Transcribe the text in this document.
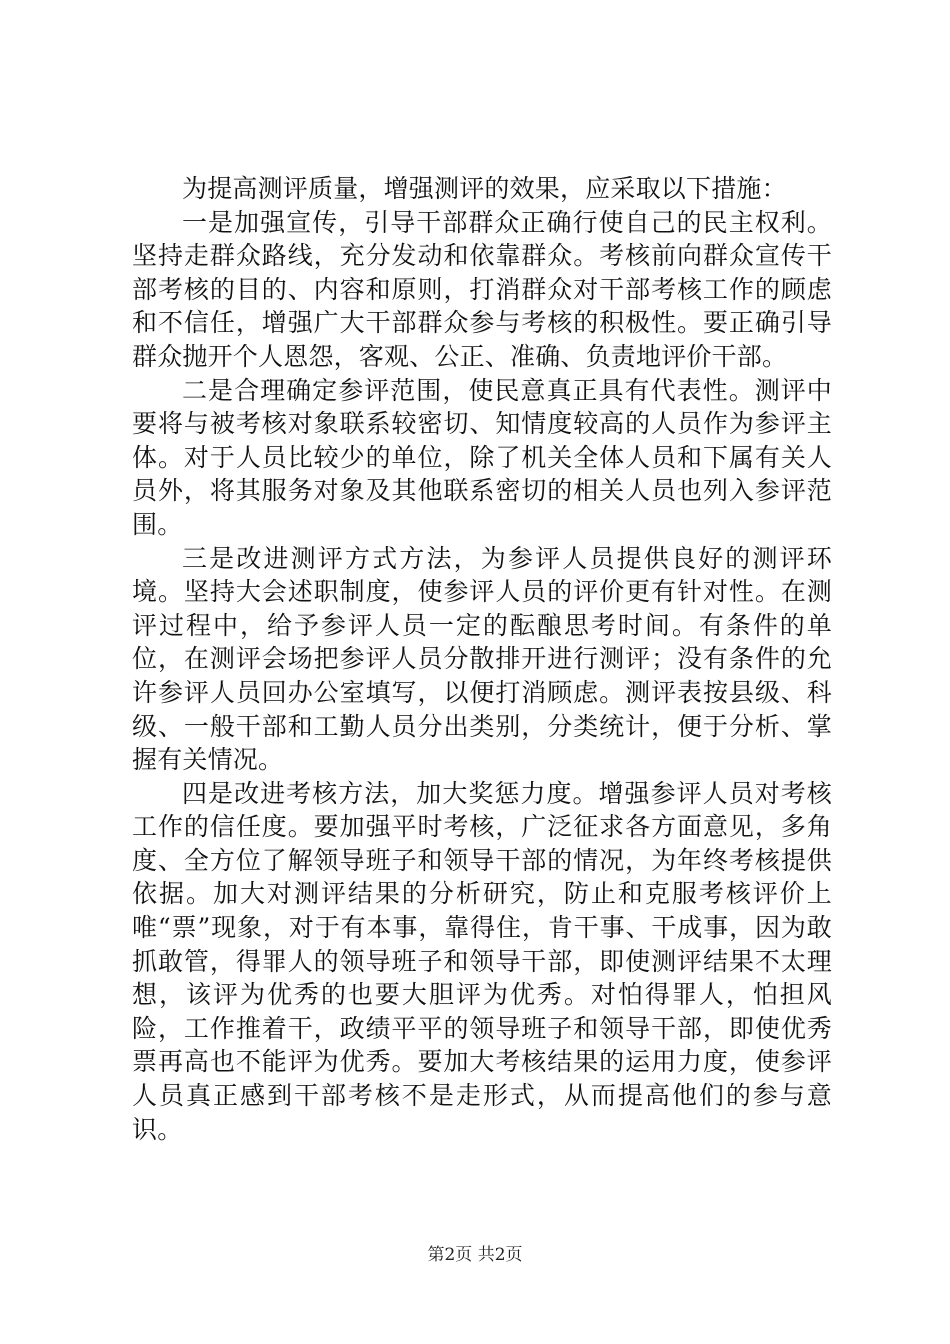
为提高测评质量，增强测评的效果，应采取以下措施：

一是加强宣传，引导干部群众正确行使自己的民主权利。坚持走群众路线，充分发动和依靠群众。考核前向群众宣传干部考核的目的、内容和原则，打消群众对干部考核工作的顾虑和不信任，增强广大干部群众参与考核的积极性。要正确引导群众抛开个人恩怨，客观、公正、准确、负责地评价干部。

二是合理确定参评范围，使民意真正具有代表性。测评中要将与被考核对象联系较密切、知情度较高的人员作为参评主体。对于人员比较少的单位，除了机关全体人员和下属有关人员外，将其服务对象及其他联系密切的相关人员也列入参评范围。

三是改进测评方式方法，为参评人员提供良好的测评环境。坚持大会述职制度，使参评人员的评价更有针对性。在测评过程中，给予参评人员一定的酝酿思考时间。有条件的单位，在测评会场把参评人员分散排开进行测评；没有条件的允许参评人员回办公室填写，以便打消顾虑。测评表按县级、科级、一般干部和工勤人员分出类别，分类统计，便于分析、掌握有关情况。

四是改进考核方法，加大奖惩力度。增强参评人员对考核工作的信任度。要加强平时考核，广泛征求各方面意见，多角度、全方位了解领导班子和领导干部的情况，为年终考核提供依据。加大对测评结果的分析研究，防止和克服考核评价上唯“票”现象，对于有本事，靠得住，肯干事、干成事，因为敢抓敢管，得罪人的领导班子和领导干部，即使测评结果不太理想，该评为优秀的也要大胆评为优秀。对怕得罪人，怕担风险，工作推着干，政绩平平的领导班子和领导干部，即使优秀票再高也不能评为优秀。要加大考核结果的运用力度，使参评人员真正感到干部考核不是走形式，从而提高他们的参与意识。

第2页 共2页
